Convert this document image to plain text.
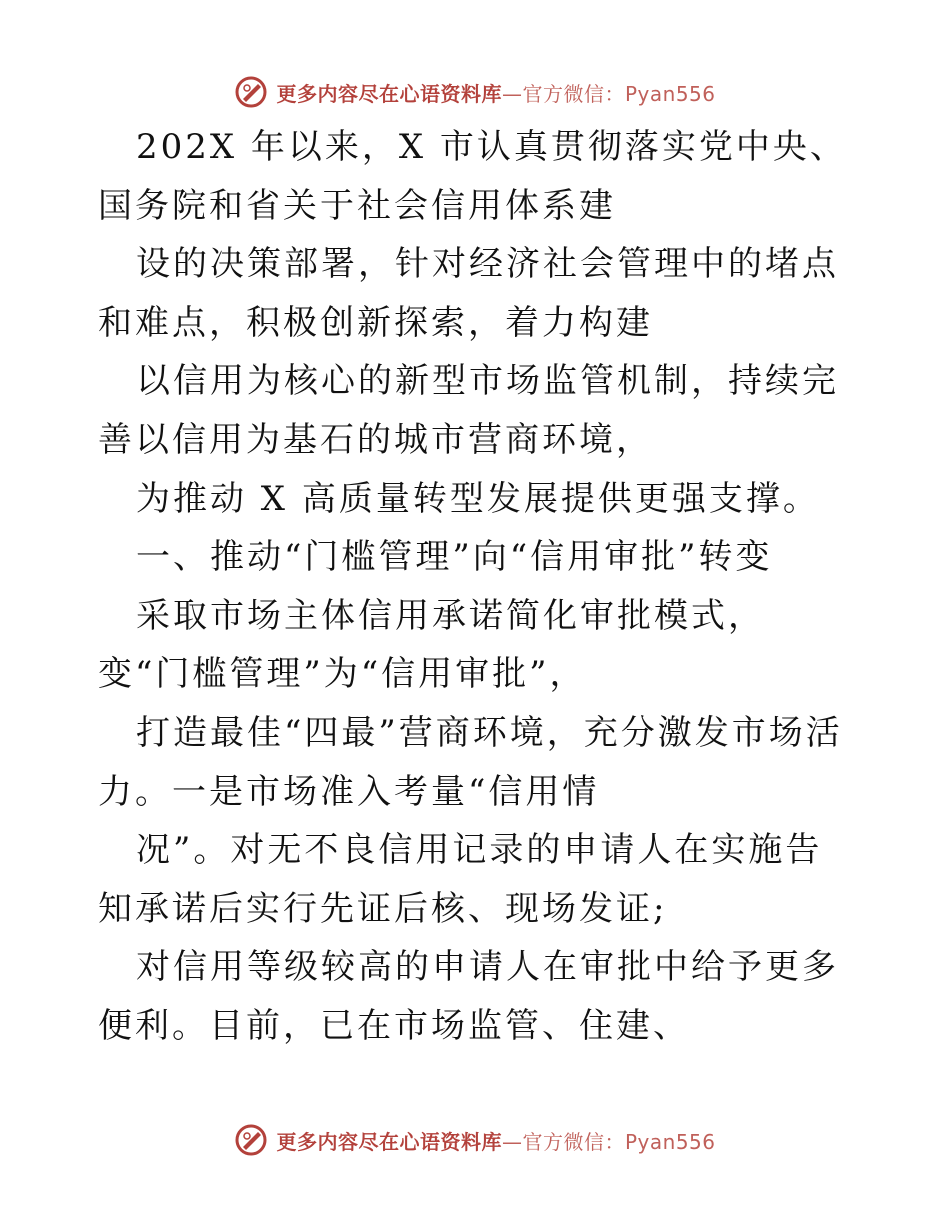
更多内容尽在心语资料库—官方微信：Pyan556

202X 年以来，X 市认真贯彻落实党中央、国务院和省关于社会信用体系建

设的决策部署，针对经济社会管理中的堵点和难点，积极创新探索，着力构建

以信用为核心的新型市场监管机制，持续完善以信用为基石的城市营商环境，

为推动 X 高质量转型发展提供更强支撑。

一、推动“门槛管理”向“信用审批”转变

采取市场主体信用承诺简化审批模式，变“门槛管理”为“信用审批”，

打造最佳“四最”营商环境，充分激发市场活力。一是市场准入考量“信用情

况”。对无不良信用记录的申请人在实施告知承诺后实行先证后核、现场发证;

对信用等级较高的申请人在审批中给予更多便利。目前，已在市场监管、住建、

更多内容尽在心语资料库—官方微信：Pyan556
